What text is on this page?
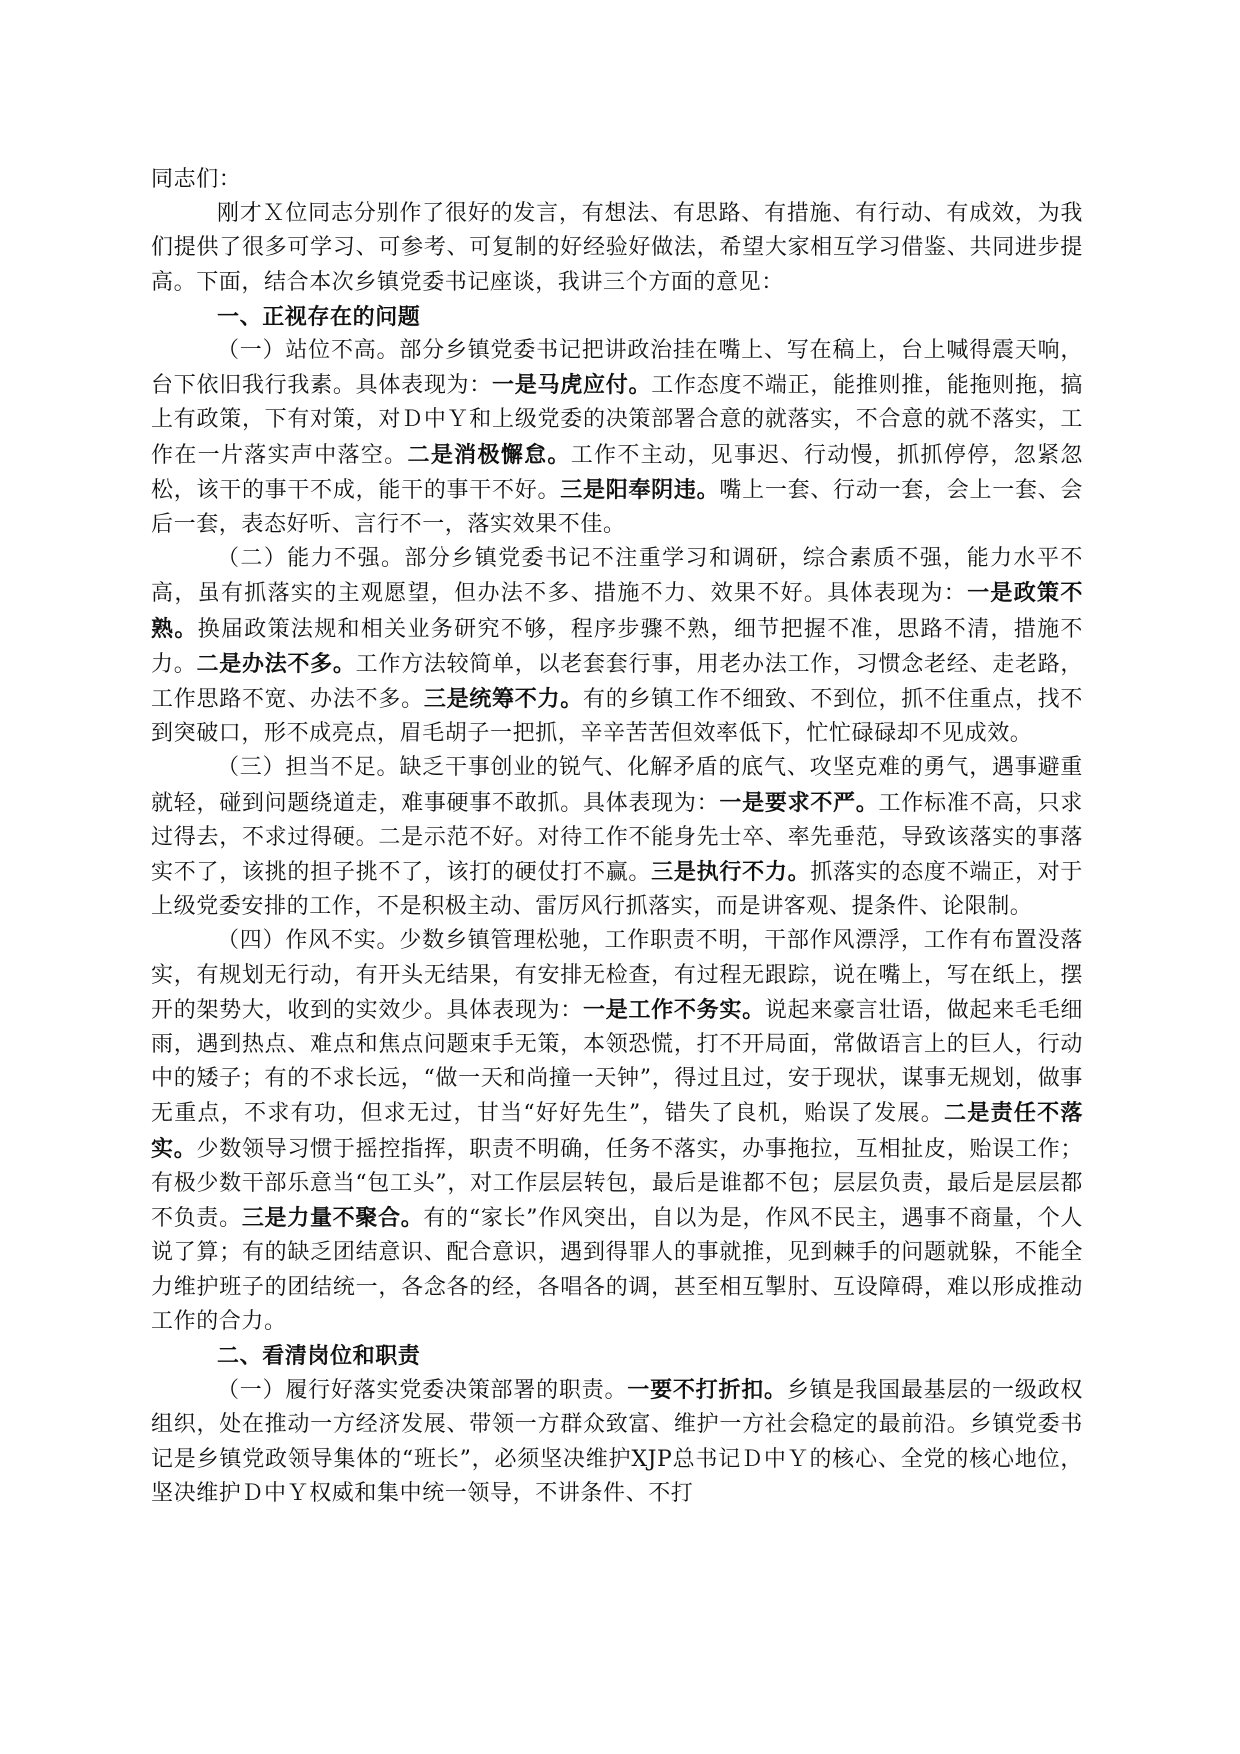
同志们：

刚才Ｘ位同志分别作了很好的发言，有想法、有思路、有措施、有行动、有成效，为我们提供了很多可学习、可参考、可复制的好经验好做法，希望大家相互学习借鉴、共同进步提高。下面，结合本次乡镇党委书记座谈，我讲三个方面的意见：

一、正视存在的问题

（一）站位不高。部分乡镇党委书记把讲政治挂在嘴上、写在稿上，台上喊得震天响，台下依旧我行我素。具体表现为：一是马虎应付。工作态度不端正，能推则推，能拖则拖，搞上有政策，下有对策，对Ｄ中Ｙ和上级党委的决策部署合意的就落实，不合意的就不落实，工作在一片落实声中落空。二是消极懈怠。工作不主动，见事迟、行动慢，抓抓停停，忽紧忽松，该干的事干不成，能干的事干不好。三是阳奉阴违。嘴上一套、行动一套，会上一套、会后一套，表态好听、言行不一，落实效果不佳。

（二）能力不强。部分乡镇党委书记不注重学习和调研，综合素质不强，能力水平不高，虽有抓落实的主观愿望，但办法不多、措施不力、效果不好。具体表现为：一是政策不熟。换届政策法规和相关业务研究不够，程序步骤不熟，细节把握不准，思路不清，措施不力。二是办法不多。工作方法较简单，以老套套行事，用老办法工作，习惯念老经、走老路，工作思路不宽、办法不多。三是统筹不力。有的乡镇工作不细致、不到位，抓不住重点，找不到突破口，形不成亮点，眉毛胡子一把抓，辛辛苦苦但效率低下，忙忙碌碌却不见成效。

（三）担当不足。缺乏干事创业的锐气、化解矛盾的底气、攻坚克难的勇气，遇事避重就轻，碰到问题绕道走，难事硬事不敢抓。具体表现为：一是要求不严。工作标准不高，只求过得去，不求过得硬。二是示范不好。对待工作不能身先士卒、率先垂范，导致该落实的事落实不了，该挑的担子挑不了，该打的硬仗打不赢。三是执行不力。抓落实的态度不端正，对于上级党委安排的工作，不是积极主动、雷厉风行抓落实，而是讲客观、提条件、论限制。

（四）作风不实。少数乡镇管理松驰，工作职责不明，干部作风漂浮，工作有布置没落实，有规划无行动，有开头无结果，有安排无检查，有过程无跟踪，说在嘴上，写在纸上，摆开的架势大，收到的实效少。具体表现为：一是工作不务实。说起来豪言壮语，做起来毛毛细雨，遇到热点、难点和焦点问题束手无策，本领恐慌，打不开局面，常做语言上的巨人，行动中的矮子；有的不求长远，“做一天和尚撞一天钟”，得过且过，安于现状，谋事无规划，做事无重点，不求有功，但求无过，甘当“好好先生”，错失了良机，贻误了发展。二是责任不落实。少数领导习惯于摇控指挥，职责不明确，任务不落实，办事拖拉，互相扯皮，贻误工作；有极少数干部乐意当“包工头”，对工作层层转包，最后是谁都不包；层层负责，最后是层层都不负责。三是力量不聚合。有的“家长”作风突出，自以为是，作风不民主，遇事不商量，个人说了算；有的缺乏团结意识、配合意识，遇到得罪人的事就推，见到棘手的问题就躲，不能全力维护班子的团结统一，各念各的经，各唱各的调，甚至相互掣肘、互设障碍，难以形成推动工作的合力。

二、看清岗位和职责

（一）履行好落实党委决策部署的职责。一要不打折扣。乡镇是我国最基层的一级政权组织，处在推动一方经济发展、带领一方群众致富、维护一方社会稳定的最前沿。乡镇党委书记是乡镇党政领导集体的“班长”，必须坚决维护XJP总书记Ｄ中Ｙ的核心、全党的核心地位，坚决维护Ｄ中Ｙ权威和集中统一领导，不讲条件、不打
